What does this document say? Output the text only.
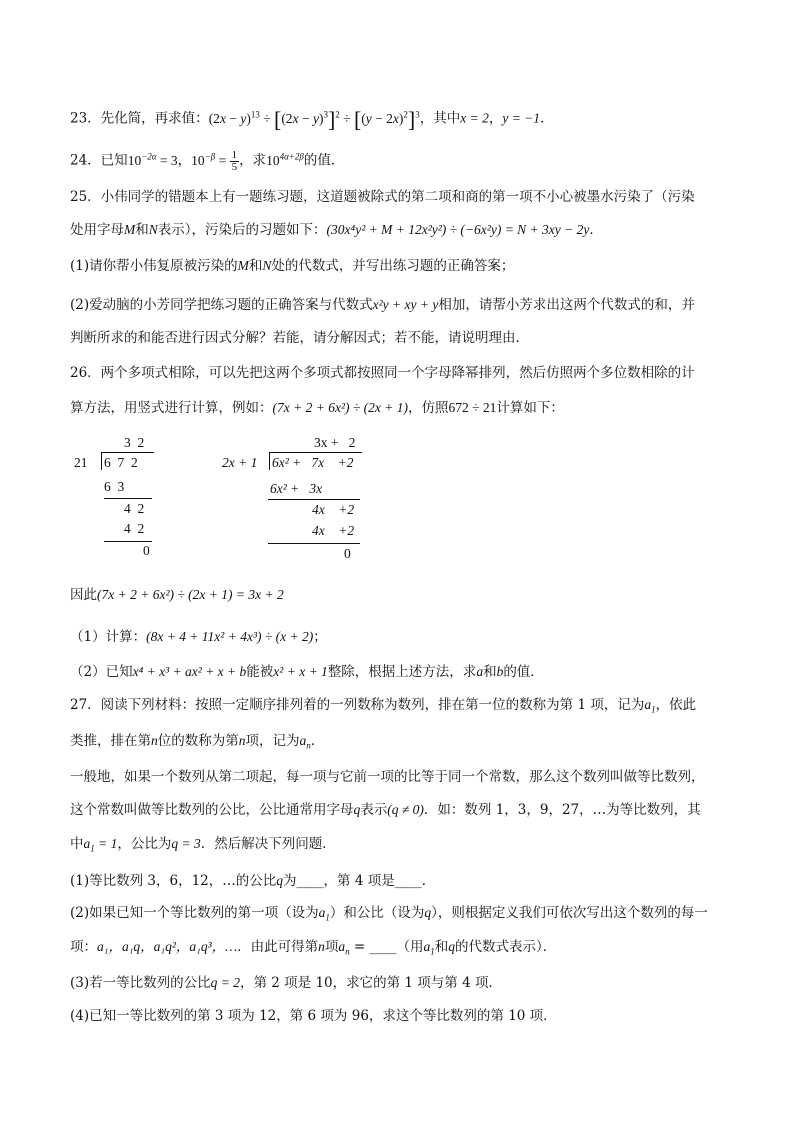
23．先化简，再求值：$(2x - y)^{13} \div [(2x - y)^3]^2 \div [(y - 2x)^2]^3$，其中x = 2，y = −1．
24．已知$10^{-2\alpha} = 3$，$10^{-\beta} = \frac{1}{5}$ ，求$10^{4\alpha+2\beta}$的值．
25．小伟同学的错题本上有一题练习题，这道题被除式的第二项和商的第一项不小心被墨水污染了（污染
处用字母M和N表示），污染后的习题如下：(30x⁴y² + M + 12x²y²) ÷ (−6x²y) = N + 3xy − 2y．
(1)请你帮小伟复原被污染的M和N处的代数式，并写出练习题的正确答案；
(2)爱动脑的小芳同学把练习题的正确答案与代数式x²y + xy + y相加，请帮小芳求出这两个代数式的和，并
判断所求的和能否进行因式分解？若能，请分解因式；若不能，请说明理由．
26．两个多项式相除，可以先把这两个多项式都按照同一个字母降幂排列，然后仿照两个多位数相除的计
算方法，用竖式进行计算，例如：(7x + 2 + 6x²) ÷ (2x + 1)，仿照672 ÷ 21计算如下：
3  2
21 6  7  2
6  3
4  2
4  2
0
3x +   2
2x + 1 6x² +   7x    +2
6x² +   3x
4x    +2
4x    +2
0
因此(7x + 2 + 6x²) ÷ (2x + 1) = 3x + 2
（1）计算：(8x + 4 + 11x² + 4x³) ÷ (x + 2)；
（2）已知x⁴ + x³ + ax² + x + b能被x² + x + 1整除，根据上述方法，求a和b的值．
27．阅读下列材料：按照一定顺序排列着的一列数称为数列，排在第一位的数称为第 1 项，记为$a_1$，依此
类推，排在第n位的数称为第n项，记为$a_n$．
一般地，如果一个数列从第二项起，每一项与它前一项的比等于同一个常数，那么这个数列叫做等比数列，
这个常数叫做等比数列的公比，公比通常用字母q表示(q ≠ 0)．如：数列 1，3，9，27，…为等比数列，其
中$a_1 = 1$，公比为q = 3．然后解决下列问题．
(1)等比数列 3，6，12，…的公比q为____，第 4 项是____．
(2)如果已知一个等比数列的第一项（设为$a_1$）和公比（设为q），则根据定义我们可依次写出这个数列的每一
项：a₁，a₁q，a₁q²，a₁q³，…．由此可得第n项$a_n$ = ____（用$a_1$和q的代数式表示）．
(3)若一等比数列的公比q = 2，第 2 项是 10，求它的第 1 项与第 4 项．
(4)已知一等比数列的第 3 项为 12，第 6 项为 96，求这个等比数列的第 10 项．
